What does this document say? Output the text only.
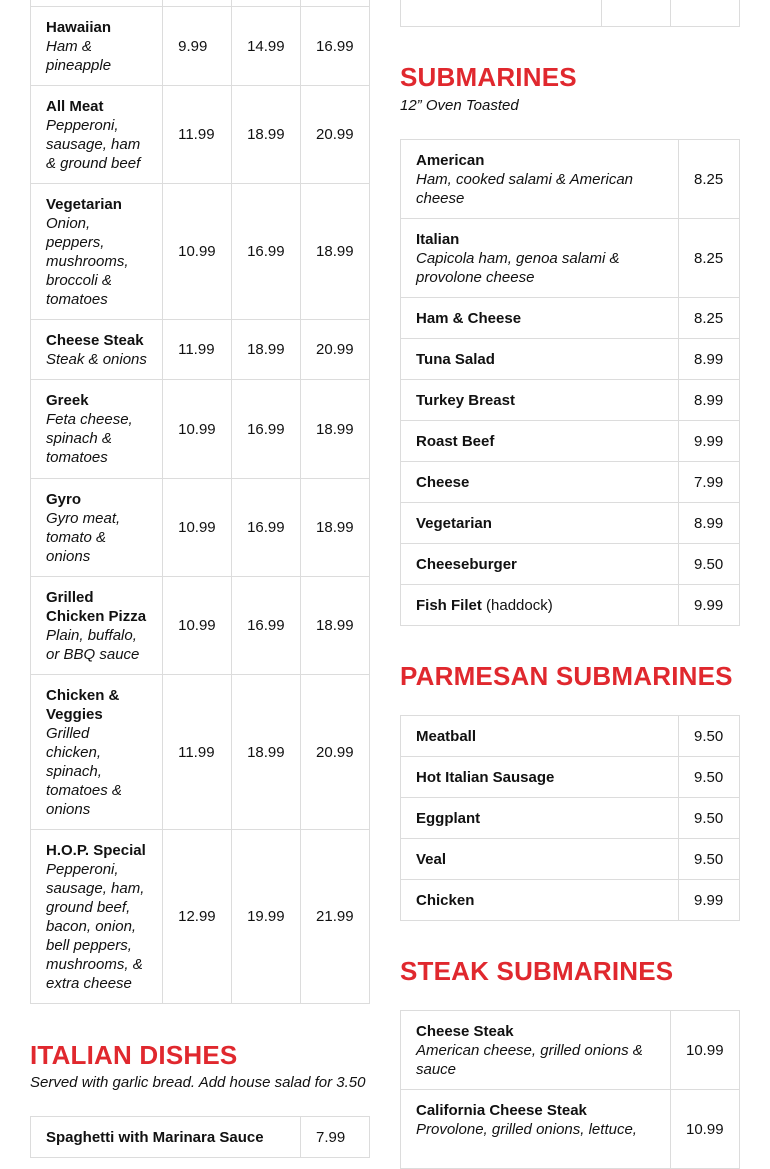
Hawaiian
Ham & pineapple	9.99	14.99	16.99

All Meat
Pepperoni, sausage, ham & ground beef	11.99	18.99	20.99

Vegetarian
Onion, peppers, mushrooms, broccoli & tomatoes	10.99	16.99	18.99

Cheese Steak
Steak & onions	11.99	18.99	20.99

Greek
Feta cheese, spinach & tomatoes	10.99	16.99	18.99

Gyro
Gyro meat, tomato & onions	10.99	16.99	18.99

Grilled Chicken Pizza
Plain, buffalo, or BBQ sauce	10.99	16.99	18.99

Chicken & Veggies
Grilled chicken, spinach, tomatoes & onions	11.99	18.99	20.99

H.O.P. Special
Pepperoni, sausage, ham, ground beef, bacon, onion, bell peppers, mushrooms, & extra cheese	12.99	19.99	21.99
ITALIAN DISHES

Served with garlic bread. Add house salad for 3.50

Spaghetti with Marinara Sauce	7.99

SUBMARINES

12” Oven Toasted

American
Ham, cooked salami & American cheese	8.25

Italian
Capicola ham, genoa salami & provolone cheese	8.25

Ham & Cheese	8.25

Tuna Salad	8.99

Turkey Breast	8.99

Roast Beef	9.99

Cheese	7.99

Vegetarian	8.99

Cheeseburger	9.50

Fish Filet (haddock)	9.99
PARMESAN SUBMARINES
Meatball	9.50

Hot Italian Sausage	9.50

Eggplant	9.50

Veal	9.50

Chicken	9.99
STEAK SUBMARINES
Cheese Steak
American cheese, grilled onions & sauce	10.99

California Cheese Steak
Provolone, grilled onions, lettuce,	10.99
